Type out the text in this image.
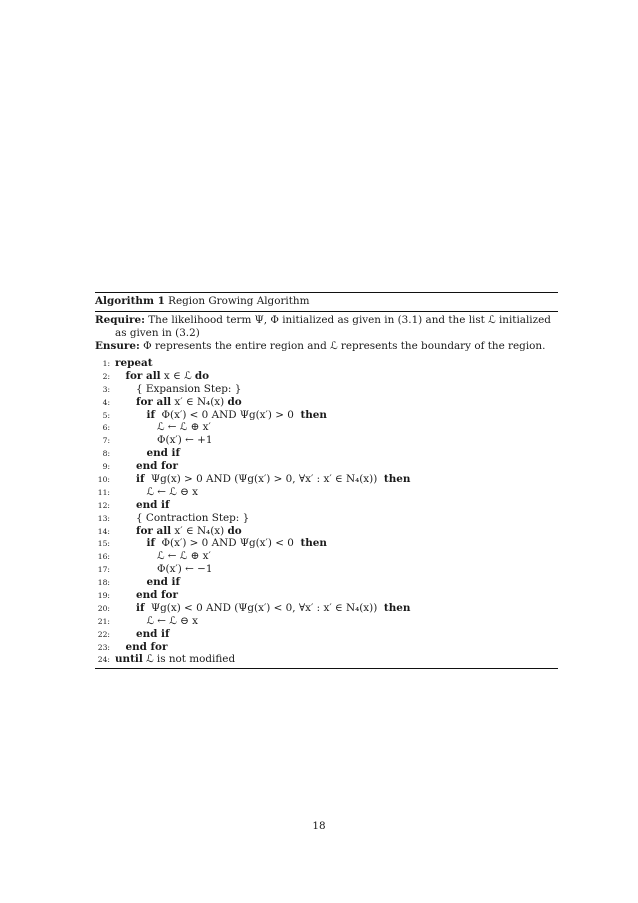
Algorithm 1 Region Growing Algorithm
Require: The likelihood term Ψ, Φ initialized as given in (3.1) and the list ℒ initialized as given in (3.2)
Ensure: Φ represents the entire region and ℒ represents the boundary of the region.
1: repeat
2:	for all x ∈ ℒ do
3:	{ Expansion Step: }
4:	for all x′ ∈ N₄(x) do
5:	if  Φ(x′) < 0 AND Ψg(x′) > 0  then
6:	ℒ ← ℒ ⊕ x′
7:	Φ(x′) ← +1
8:	end if
9:	end for
10:	if  Ψg(x) > 0 AND (Ψg(x′) > 0, ∀x′ : x′ ∈ N₄(x))  then
11:	ℒ ← ℒ ⊖ x
12:	end if
13:	{ Contraction Step: }
14:	for all x′ ∈ N₄(x) do
15:	if  Φ(x′) > 0 AND Ψg(x′) < 0  then
16:	ℒ ← ℒ ⊕ x′
17:	Φ(x′) ← −1
18:	end if
19:	end for
20:	if  Ψg(x) < 0 AND (Ψg(x′) < 0, ∀x′ : x′ ∈ N₄(x))  then
21:	ℒ ← ℒ ⊖ x
22:	end if
23:	end for
24: until ℒ is not modified
18
